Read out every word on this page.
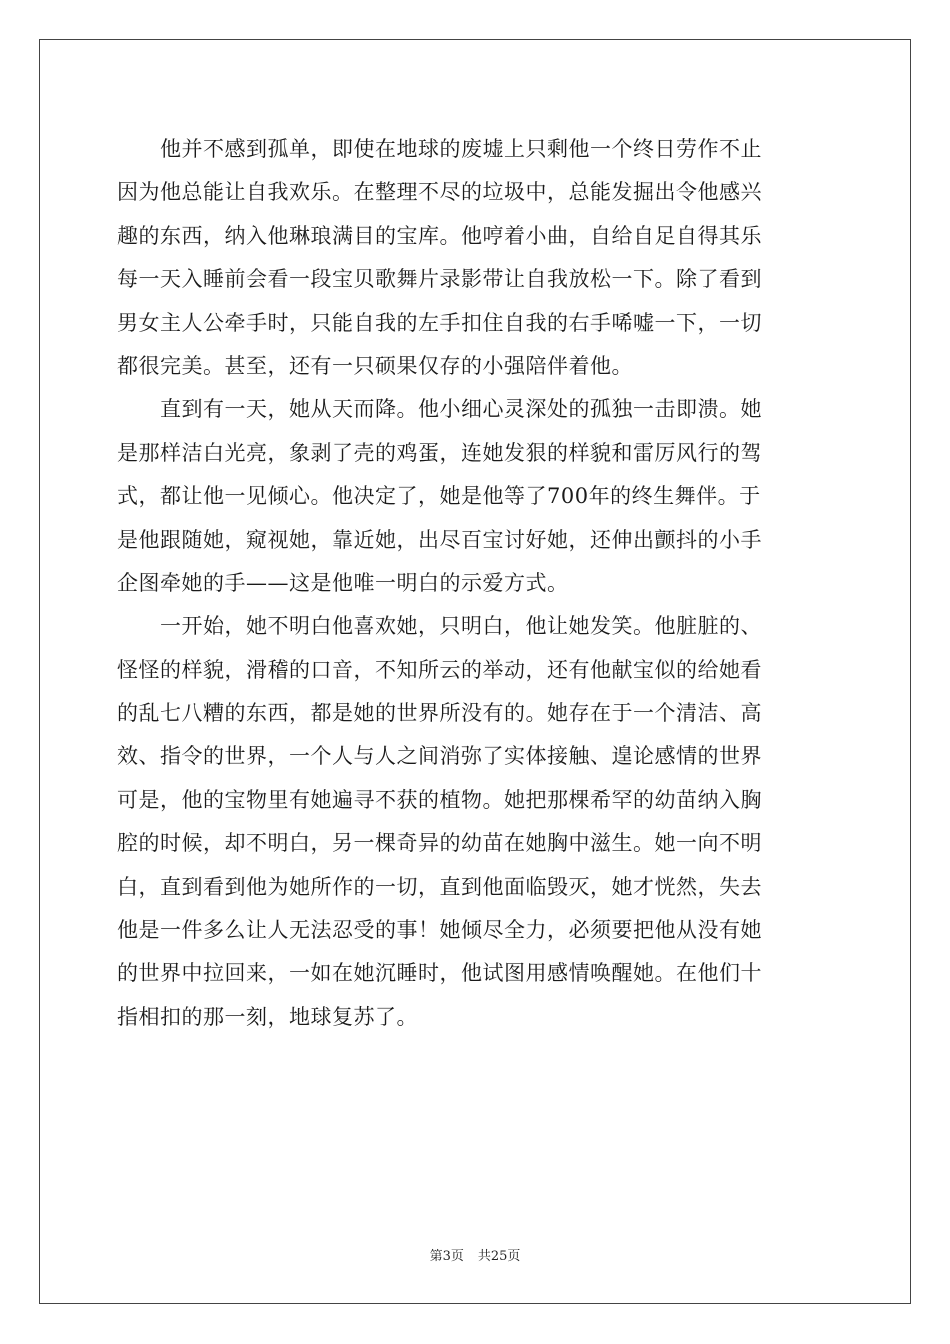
　　他并不感到孤单，即使在地球的废墟上只剩他一个终日劳作不止
因为他总能让自我欢乐。在整理不尽的垃圾中，总能发掘出令他感兴
趣的东西，纳入他琳琅满目的宝库。他哼着小曲，自给自足自得其乐
每一天入睡前会看一段宝贝歌舞片录影带让自我放松一下。除了看到
男女主人公牵手时，只能自我的左手扣住自我的右手唏嘘一下，一切
都很完美。甚至，还有一只硕果仅存的小强陪伴着他。
　　直到有一天，她从天而降。他小细心灵深处的孤独一击即溃。她
是那样洁白光亮，象剥了壳的鸡蛋，连她发狠的样貌和雷厉风行的驾
式，都让他一见倾心。他决定了，她是他等了700年的终生舞伴。于
是他跟随她，窥视她，靠近她，出尽百宝讨好她，还伸出颤抖的小手
企图牵她的手——这是他唯一明白的示爱方式。
　　一开始，她不明白他喜欢她，只明白，他让她发笑。他脏脏的、
怪怪的样貌，滑稽的口音，不知所云的举动，还有他献宝似的给她看
的乱七八糟的东西，都是她的世界所没有的。她存在于一个清洁、高
效、指令的世界，一个人与人之间消弥了实体接触、遑论感情的世界
可是，他的宝物里有她遍寻不获的植物。她把那棵希罕的幼苗纳入胸
腔的时候，却不明白，另一棵奇异的幼苗在她胸中滋生。她一向不明
白，直到看到他为她所作的一切，直到他面临毁灭，她才恍然，失去
他是一件多么让人无法忍受的事！她倾尽全力，必须要把他从没有她
的世界中拉回来，一如在她沉睡时，他试图用感情唤醒她。在他们十
指相扣的那一刻，地球复苏了。
第3页 共25页
